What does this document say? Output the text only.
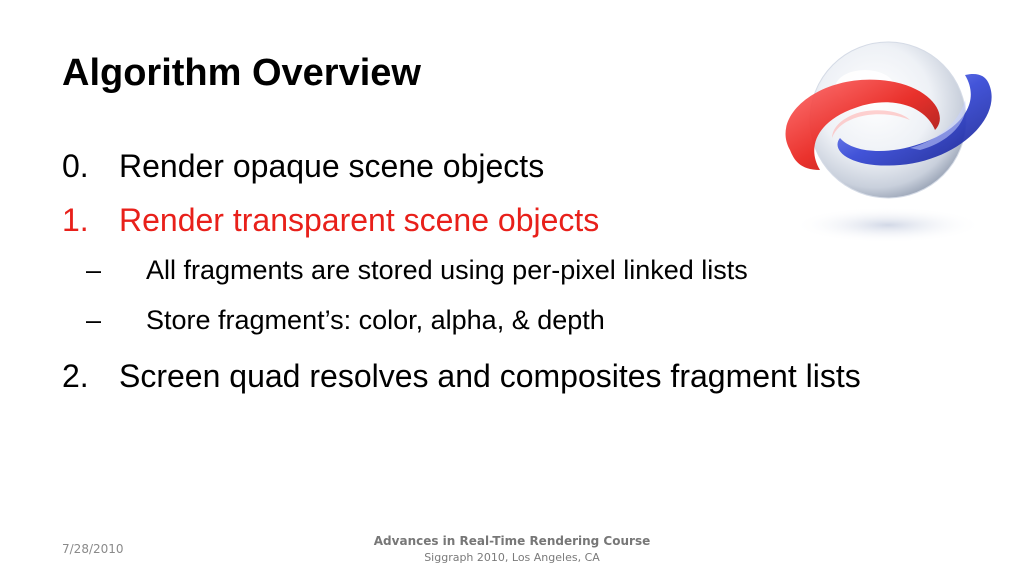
Algorithm Overview
0. Render opaque scene objects
1. Render transparent scene objects
–	All fragments are stored using per-pixel linked lists
–	Store fragment’s: color, alpha, & depth
2. Screen quad resolves and composites fragment lists
7/28/2010
Advances in Real-Time Rendering Course
Siggraph 2010, Los Angeles, CA
